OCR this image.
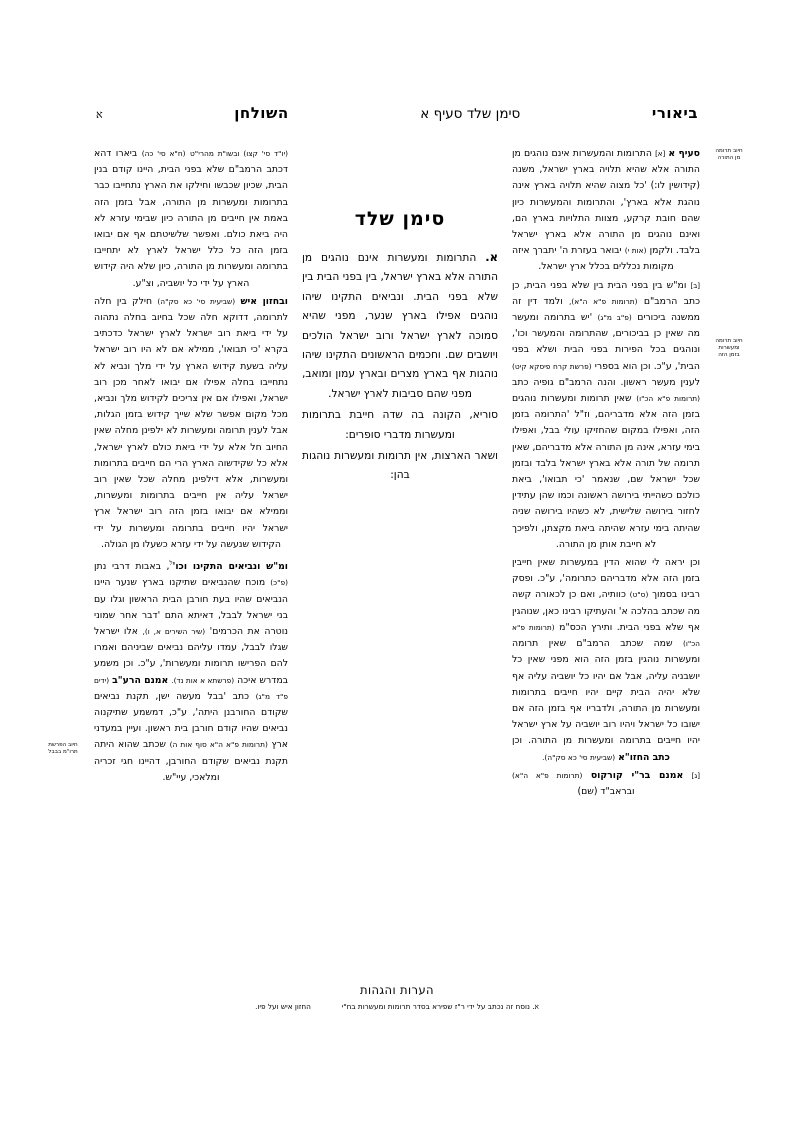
ביאורי
סימן שלד סעיף א
השולחן
א
חיוב תרומה
מן התורה
חיוב תרומה
ומעשרות
בזמן הזה
חיוב הפרשת
תרו"מ בבבל

סעיף א [א] התרומות והמעשרות אינם נוהגים מן התורה אלא שהיא תלויה בארץ ישראל, משנה (קידושין לו:) 'כל מצוה שהיא תלויה בארץ אינה נוהגת אלא בארץ', והתרומות והמעשרות כיון שהם חובת קרקע, מצוות התלויות בארץ הם, ואינם נוהגים מן התורה אלא בארץ ישראל בלבד. ולקמן (אות י) יבואר בעזרת ה' יתברך איזה מקומות נכללים בכלל ארץ ישראל.

[ב] ומ"ש בין בפני הבית בין שלא בפני הבית, כן כתב הרמב"ם (תרומות פ"א ה"א), ולמד דין זה ממשנה ביכורים (פ"ב מ"ג) 'יש בתרומה ומעשר מה שאין כן בביכורים, שהתרומה והמעשר וכו', ונוהגים בכל הפירות בפני הבית ושלא בפני הבית', ע"כ. וכן הוא בספרי (פרשת קרח פיסקא קיט) לענין מעשר ראשון. והנה הרמב"ם גופיה כתב (תרומות פ"א הכ"ו) שאין תרומות ומעשרות נוהגים בזמן הזה אלא מדבריהם, וז"ל 'התרומה בזמן הזה, ואפילו במקום שהחזיקו עולי בבל, ואפילו בימי עזרא, אינה מן התורה אלא מדבריהם, שאין תרומה של תורה אלא בארץ ישראל בלבד ובזמן שכל ישראל שם, שנאמר 'כי תבואו', ביאת כולכם כשהייתי בירושה ראשונה וכמו שהן עתידין לחזור בירושה שלישית, לא כשהיו בירושה שניה שהיתה בימי עזרא שהיתה ביאת מקצתן, ולפיכך לא חייבת אותן מן התורה.

וכן יראה לי שהוא הדין במעשרות שאין חייבין בזמן הזה אלא מדבריהם כתרומה', ע"כ. ופסק רבינו בסמוך (ס"ט) כוותיה, ואם כן לכאורה קשה מה שכתב בהלכה א' והעתיקו רבינו כאן, שנוהגין אף שלא בפני הבית. ותירץ הכס"מ (תרומות פ"א הכ"ו) שמה שכתב הרמב"ם שאין תרומה ומעשרות נוהגין בזמן הזה הוא מפני שאין כל יושבניה עליה, אבל אם יהיו כל יושביה עליה אף שלא יהיה הבית קיים יהיו חייבים בתרומות ומעשרות מן התורה, ולדבריו אף בזמן הזה אם ישובו כל ישראל ויהיו רוב יושביה על ארץ ישראל יהיו חייבים בתרומה ומעשרות מן התורה. וכן כתב החזו"א (שביעית סי' כא סק"ה).

[ג] אמנם בר"י קורקוס (תרומות פ"א ה"א) ובראב"ד (שם)

סימן שלד

א. התרומות ומעשרות אינם נוהגים מן התורה אלא בארץ ישראל, בין בפני הבית בין שלא בפני הבית. ונביאים התקינו שיהו נוהגים אפילו בארץ שנער, מפני שהיא סמוכה לארץ ישראל ורוב ישראל הולכים ויושבים שם. וחכמים הראשונים התקינו שיהו נוהגות אף בארץ מצרים ובארץ עמון ומואב, מפני שהם סביבות לארץ ישראל.

סוריא, הקונה בה שדה חייבת בתרומות ומעשרות מדברי סופרים:

ושאר הארצות, אין תרומות ומעשרות נוהגות בהן:

(יו"ד סי' קצו) ובשו"ת מהרי"ט (ח"א סי' כה) ביארו דהא דכתב הרמב"ם שלא בפני הבית, היינו קודם בנין הבית, שכיון שכבשו וחילקו את הארץ נתחייבו כבר בתרומות ומעשרות מן התורה, אבל בזמן הזה באמת אין חייבים מן התורה כיון שבימי עזרא לא היה ביאת כולם. ואפשר שלשיטתם אף אם יבואו בזמן הזה כל כלל ישראל לארץ לא יתחייבו בתרומה ומעשרות מן התורה, כיון שלא היה קידוש הארץ על ידי כל יושביה, וצ"ע.

ובחזון איש (שביעית סי' כא סק"ה) חילק בין חלה לתרומה, דדוקא חלה שכל בחיוב בחלה נתהוה על ידי ביאת רוב ישראל לארץ ישראל כדכתיב בקרא 'כי תבואו', ממילא אם לא היו רוב ישראל עליה בשעת קידוש הארץ על ידי מלך ונביא לא נתחייבו בחלה אפילו אם יבואו לאחר מכן רוב ישראל, ואפילו אם אין צריכים לקידוש מלך ונביא, מכל מקום אפשר שלא שייך קידוש בזמן הגלות, אבל לענין תרומה ומעשרות לא ילפינן מחלה שאין החיוב חל אלא על ידי ביאת כולם לארץ ישראל, אלא כל שקידשוה הארץ הרי הם חייבים בתרומות ומעשרות, אלא דילפינן מחלה שכל שאין רוב ישראל עליה אין חייבים בתרומות ומעשרות, וממילא אם יבואו בזמן הזה רוב ישראל ארץ ישראל יהיו חייבים בתרומה ומעשרות על ידי הקידוש שנעשה על ידי עזרא כשעלו מן הגולה.

ומ"ש ונביאים התקינו $וכו'^ל$, באבות דרבי נתן (פ"כ) מוכח שהנביאים שתיקנו בארץ שנער היינו הנביאים שהיו בעת חורבן הבית הראשון וגלו עם בני ישראל לבבל, דאיתא התם 'דבר אחר שמוני נוטרה את הכרמים' (שיר השירים א, ו), אלו ישראל שגלו לבבל, עמדו עליהם נביאים שביניהם ואמרו להם הפרישו תרומות ומעשרות', ע"כ. וכן משמע במדרש איכה (פרשתא א אות נד). אמנם הרע"ב (ידים פ"ד מ"ג) כתב 'בבל מעשה ישן, תקנת נביאים שקודם החורבנן היתה', ע"כ, דמשמע שתיקנוה נביאים שהיו קודם חורבן בית ראשון. ועיין במעדני ארץ (תרומות פ"א ה"א סוף אות ה) שכתב שהוא היתה תקנת נביאים שקודם החורבן, דהיינו חגי זכריה ומלאכי, עיי"ש.

הערות והגהות
א. נוסח זה נכתב על ידי ר"ז שפירא בסדר תרומות ומעשרות בח"י  החזון איש ועל פיו.
